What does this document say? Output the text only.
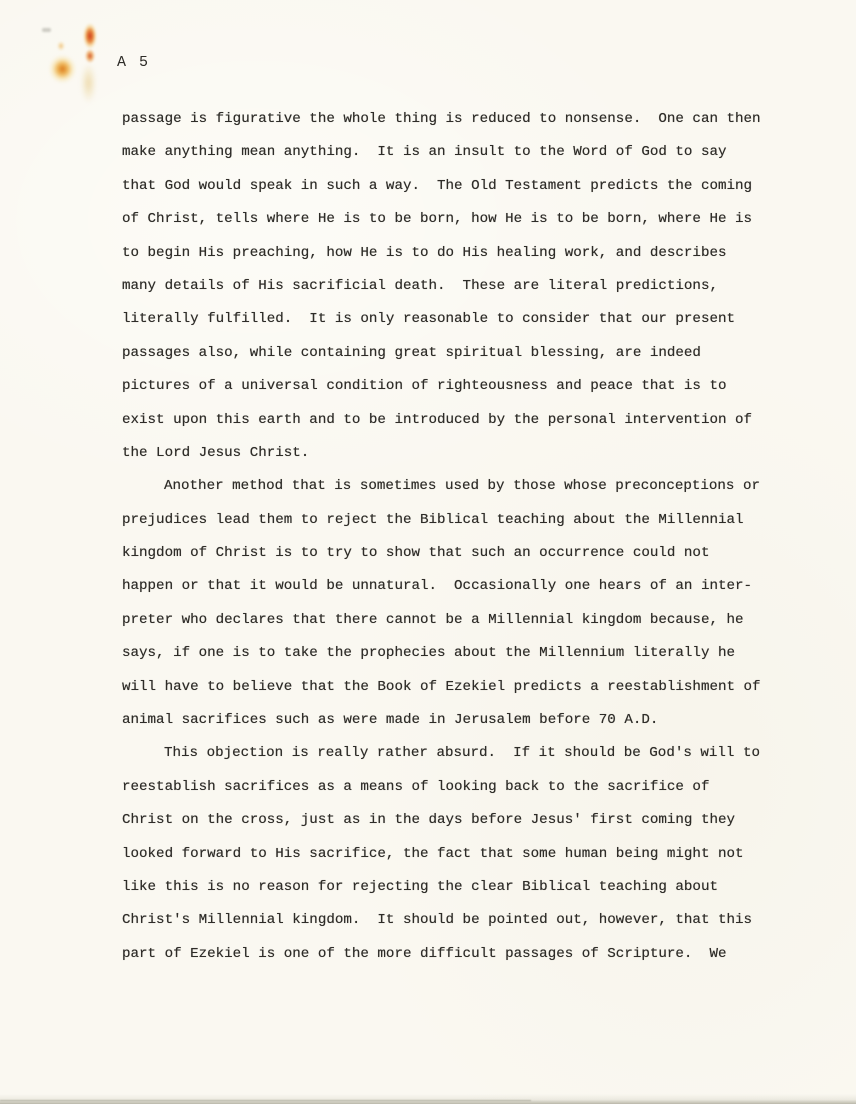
A 5
passage is figurative the whole thing is reduced to nonsense.  One can then
make anything mean anything.  It is an insult to the Word of God to say
that God would speak in such a way.  The Old Testament predicts the coming
of Christ, tells where He is to be born, how He is to be born, where He is
to begin His preaching, how He is to do His healing work, and describes
many details of His sacrificial death.  These are literal predictions,
literally fulfilled.  It is only reasonable to consider that our present
passages also, while containing great spiritual blessing, are indeed
pictures of a universal condition of righteousness and peace that is to
exist upon this earth and to be introduced by the personal intervention of
the Lord Jesus Christ.
Another method that is sometimes used by those whose preconceptions or
prejudices lead them to reject the Biblical teaching about the Millennial
kingdom of Christ is to try to show that such an occurrence could not
happen or that it would be unnatural.  Occasionally one hears of an inter-
preter who declares that there cannot be a Millennial kingdom because, he
says, if one is to take the prophecies about the Millennium literally he
will have to believe that the Book of Ezekiel predicts a reestablishment of
animal sacrifices such as were made in Jerusalem before 70 A.D.
This objection is really rather absurd.  If it should be God's will to
reestablish sacrifices as a means of looking back to the sacrifice of
Christ on the cross, just as in the days before Jesus' first coming they
looked forward to His sacrifice, the fact that some human being might not
like this is no reason for rejecting the clear Biblical teaching about
Christ's Millennial kingdom.  It should be pointed out, however, that this
part of Ezekiel is one of the more difficult passages of Scripture.  We
